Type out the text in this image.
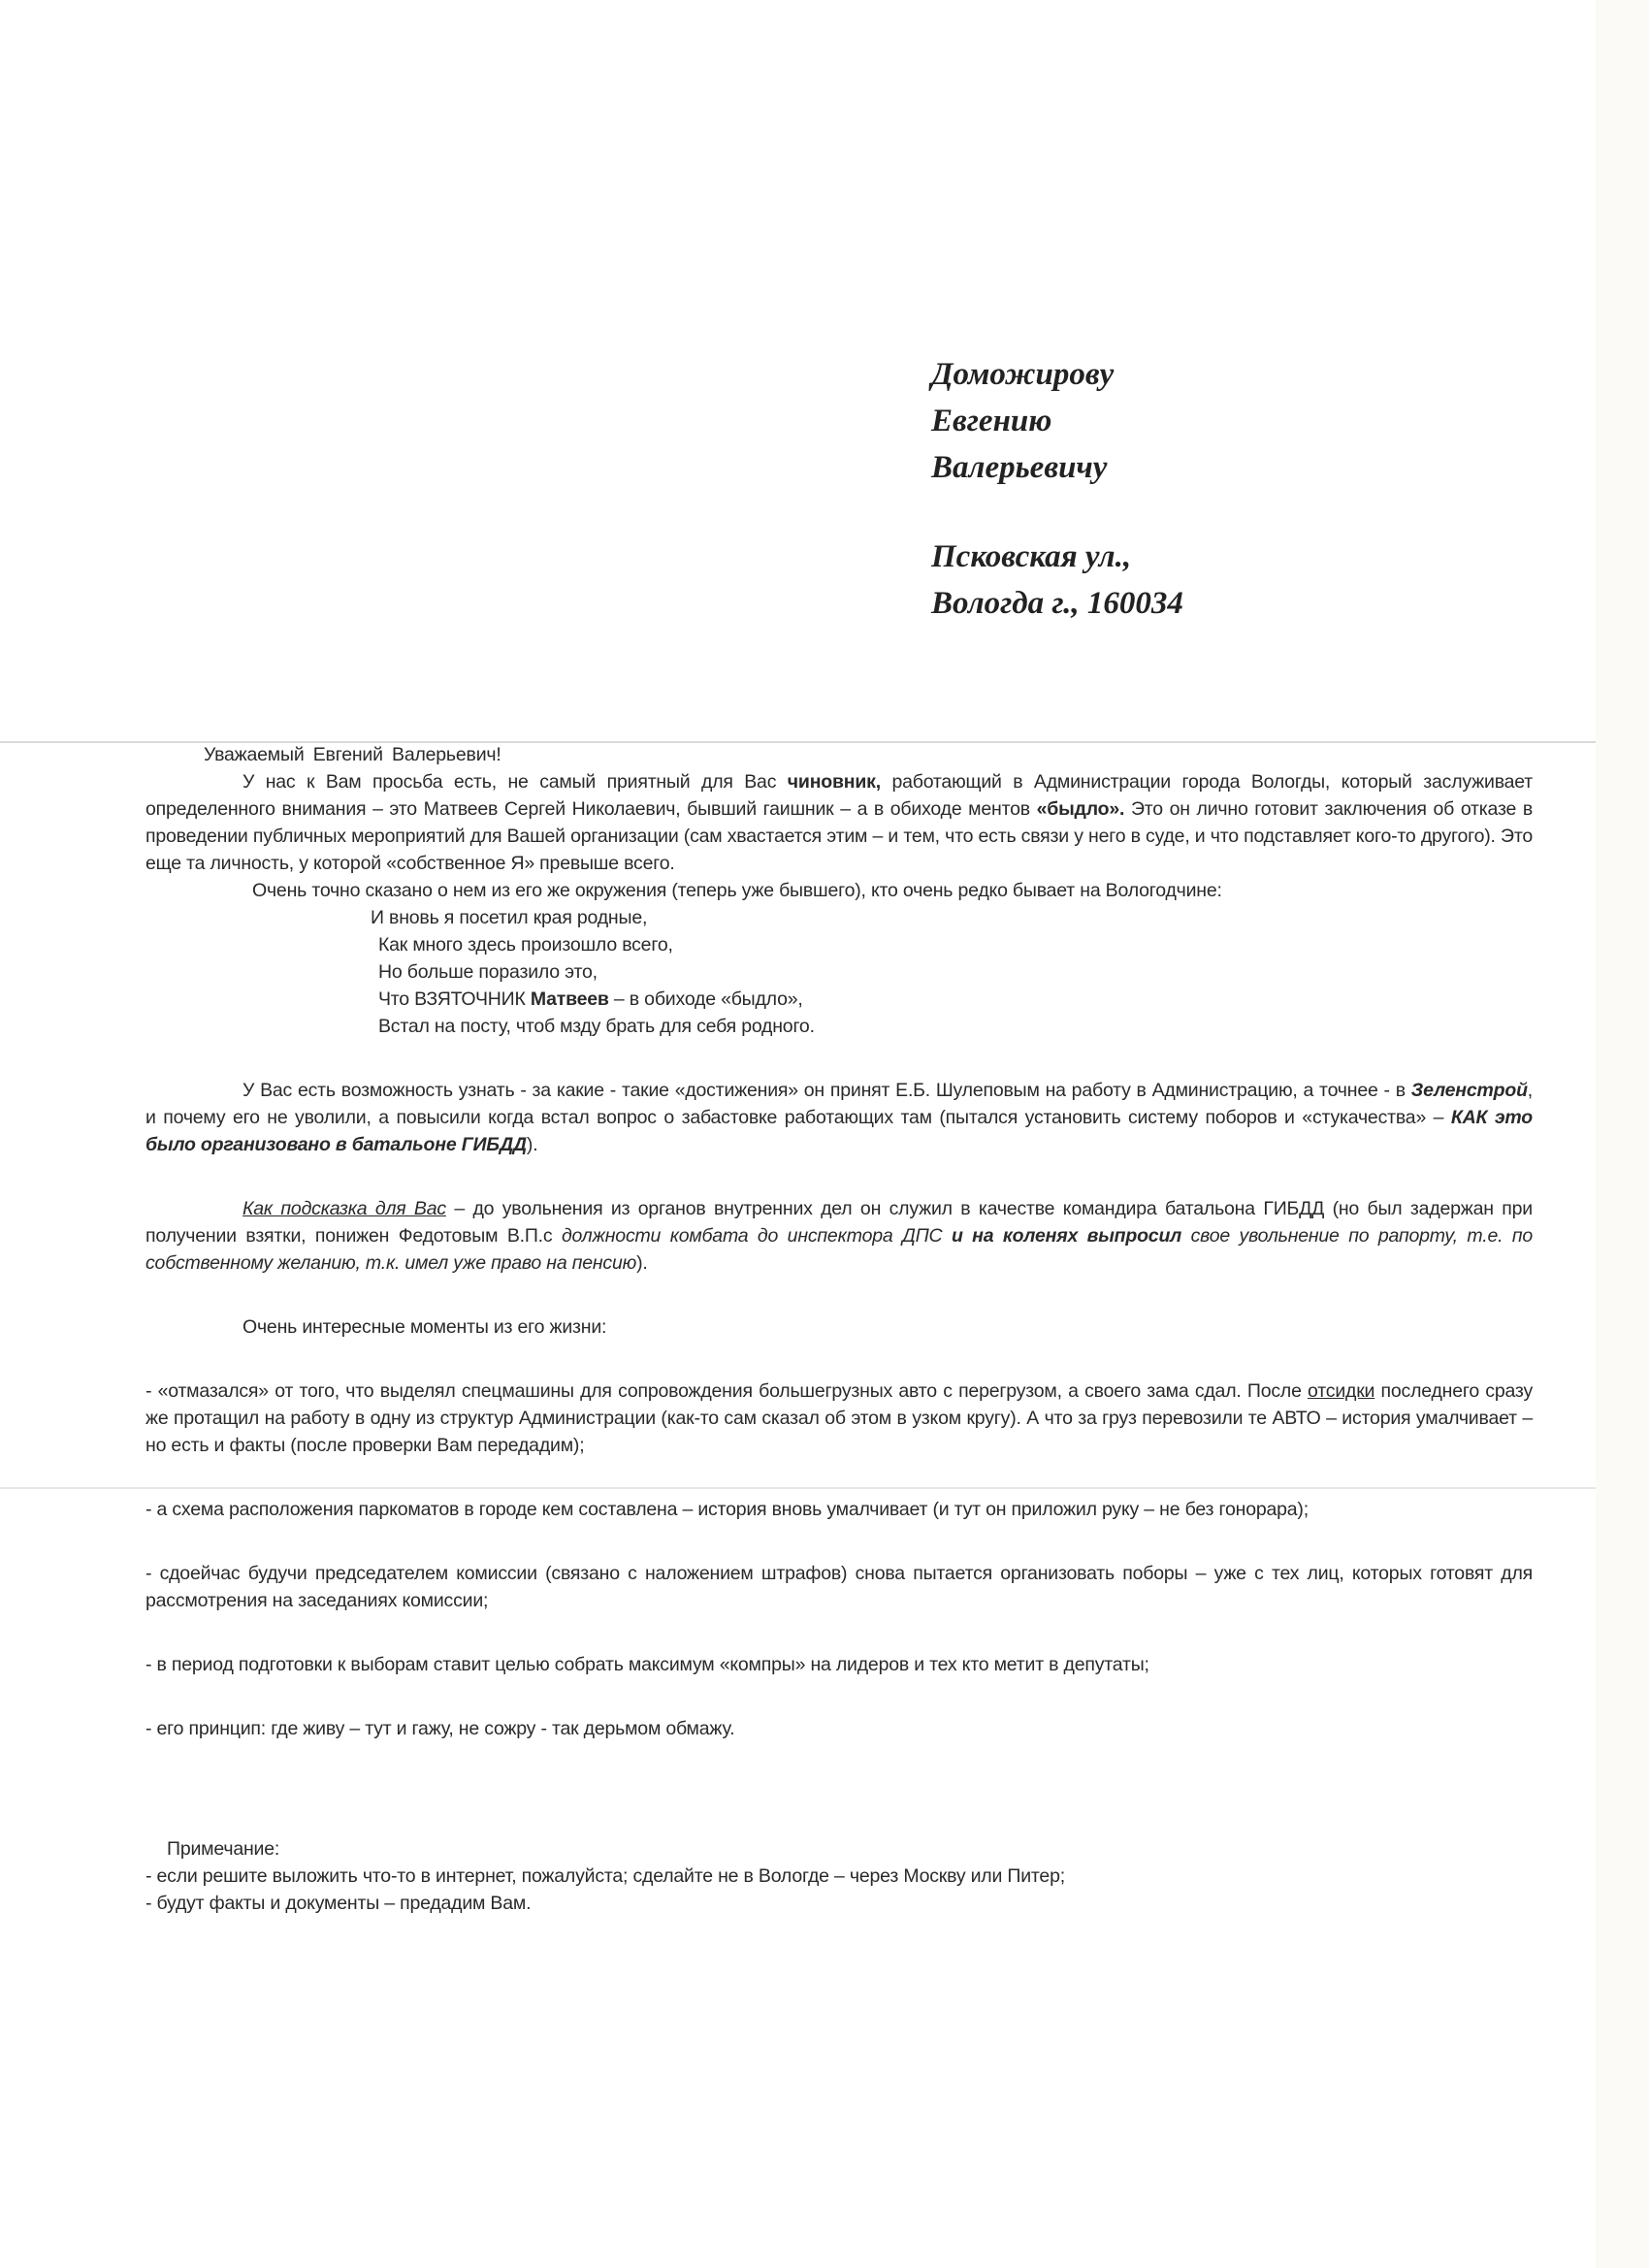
Доможирову
Евгению
Валерьевичу
Псковская ул.,
Вологда г., 160034

Уважаемый Евгений Валерьевич!

У нас к Вам просьба есть, не самый приятный для Вас чиновник, работающий в Администрации города Вологды, который заслуживает определенного внимания – это Матвеев Сергей Николаевич, бывший гаишник – а в обиходе ментов «быдло». Это он лично готовит заключения об отказе в проведении публичных мероприятий для Вашей организации (сам хвастается этим – и тем, что есть связи у него в суде, и что подставляет кого-то другого). Это еще та личность, у которой «собственное Я» превыше всего.

Очень точно сказано о нем из его же окружения (теперь уже бывшего), кто очень редко бывает на Вологодчине:

И вновь я посетил края родные,
Как много здесь произошло всего,
Но больше поразило это,
Что ВЗЯТОЧНИК Матвеев – в обиходе «быдло»,
Встал на посту, чтоб мзду брать для себя родного.

У Вас есть возможность узнать - за какие - такие «достижения» он принят Е.Б. Шулеповым на работу в Администрацию, а точнее - в Зеленстрой, и почему его не уволили, а повысили когда встал вопрос о забастовке работающих там (пытался установить систему поборов и «стукачества» – КАК это было организовано в батальоне ГИБДД).

Как подсказка для Вас – до увольнения из органов внутренних дел он служил в качестве командира батальона ГИБДД (но был задержан при получении взятки, понижен Федотовым В.П.с должности комбата до инспектора ДПС и на коленях выпросил свое увольнение по рапорту, т.е. по собственному желанию, т.к. имел уже право на пенсию).

Очень интересные моменты из его жизни:

- «отмазался» от того, что выделял спецмашины для сопровождения большегрузных авто с перегрузом, а своего зама сдал. После отсидки последнего сразу же протащил на работу в одну из структур Администрации (как-то сам сказал об этом в узком кругу). А что за груз перевозили те АВТО – история умалчивает – но есть и факты (после проверки Вам передадим);

- а схема расположения паркоматов в городе кем составлена – история вновь умалчивает (и тут он приложил руку – не без гонорара);

- сдоейчас будучи председателем комиссии (связано с наложением штрафов) снова пытается организовать поборы – уже с тех лиц, которых готовят для рассмотрения на заседаниях комиссии;

- в период подготовки к выборам ставит целью собрать максимум «компры» на лидеров и тех кто метит в депутаты;

- его принцип: где живу – тут и гажу, не сожру - так дерьмом обмажу.

Примечание:

- если решите выложить что-то в интернет, пожалуйста; сделайте не в Вологде – через Москву или Питер;

- будут факты и документы – предадим Вам.
